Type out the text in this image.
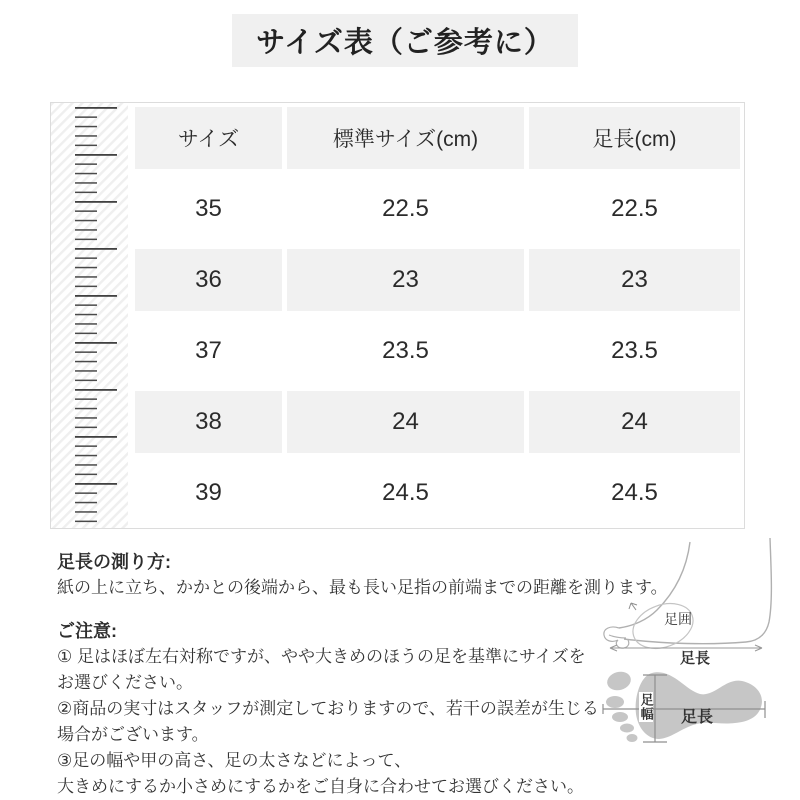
サイズ表（ご参考に）
サイズ	標準サイズ(cm)	足長(cm)
35	22.5	22.5
36	23	23
37	23.5	23.5
38	24	24
39	24.5	24.5
足長の測り方:
紙の上に立ち、かかとの後端から、最も長い足指の前端までの距離を測ります。
ご注意:
① 足はほぼ左右対称ですが、やや大きめのほうの足を基準にサイズを
お選びください。
②商品の実寸はスタッフが測定しておりますので、若干の誤差が生じる
場合がございます。
③足の幅や甲の高さ、足の太さなどによって、
大きめにするか小さめにするかをご自身に合わせてお選びください。
足囲
足長
足幅 足長
